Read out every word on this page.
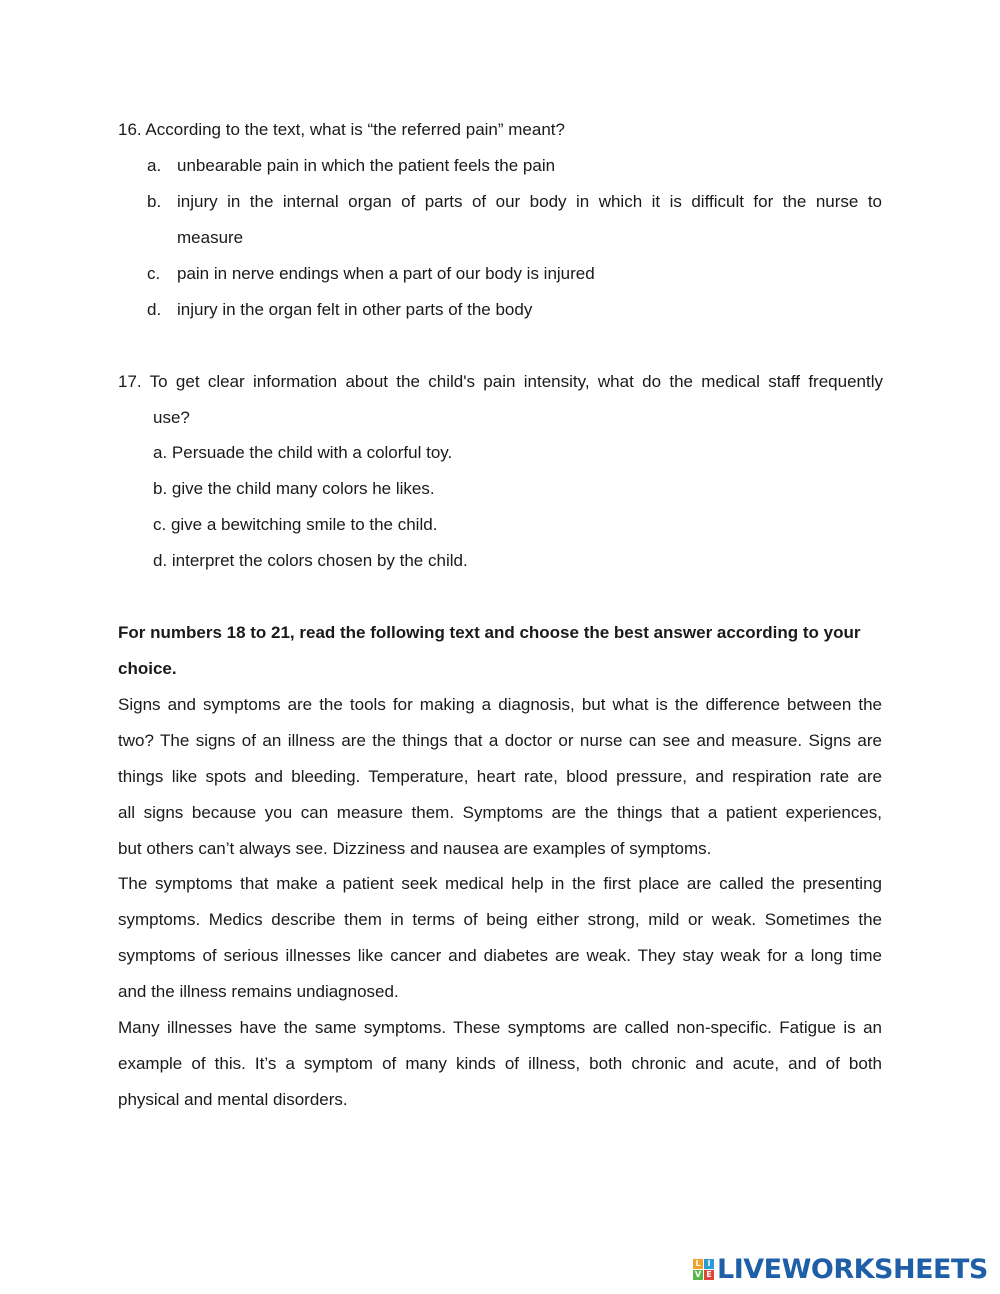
16. According to the text, what is “the referred pain” meant?
a. unbearable pain in which the patient feels the pain
b. injury in the internal organ of parts of our body in which it is difficult for the nurse to
measure
c. pain in nerve endings when a part of our body is injured
d. injury in the organ felt in other parts of the body
17. To get clear information about the child's pain intensity, what do the medical staff frequently
use?
a. Persuade the child with a colorful toy.
b. give the child many colors he likes.
c. give a bewitching smile to the child.
d. interpret the colors chosen by the child.
For numbers 18 to 21, read the following text and choose the best answer according to your
choice.
Signs and symptoms are the tools for making a diagnosis, but what is the difference between the
two? The signs of an illness are the things that a doctor or nurse can see and measure. Signs are
things like spots and bleeding. Temperature, heart rate, blood pressure, and respiration rate are
all signs because you can measure them. Symptoms are the things that a patient experiences,
but others can’t always see. Dizziness and nausea are examples of symptoms.
The symptoms that make a patient seek medical help in the first place are called the presenting
symptoms. Medics describe them in terms of being either strong, mild or weak. Sometimes the
symptoms of serious illnesses like cancer and diabetes are weak. They stay weak for a long time
and the illness remains undiagnosed.
Many illnesses have the same symptoms. These symptoms are called non-specific. Fatigue is an
example of this. It’s a symptom of many kinds of illness, both chronic and acute, and of both
physical and mental disorders.
L I
V E LIVEWORKSHEETS
